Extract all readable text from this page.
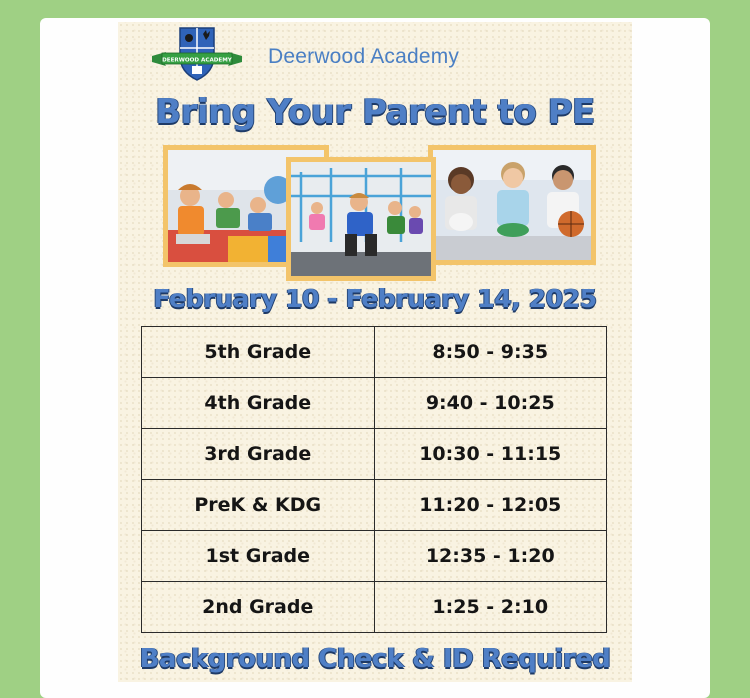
DEERWOOD ACADEMY Deerwood Academy
Bring Your Parent to PE
February 10 - February 14, 2025
5th Grade	8:50 - 9:35
4th Grade	9:40 - 10:25
3rd Grade	10:30 - 11:15
PreK & KDG	11:20 - 12:05
1st Grade	12:35 - 1:20
2nd Grade	1:25 - 2:10
Background Check & ID Required
